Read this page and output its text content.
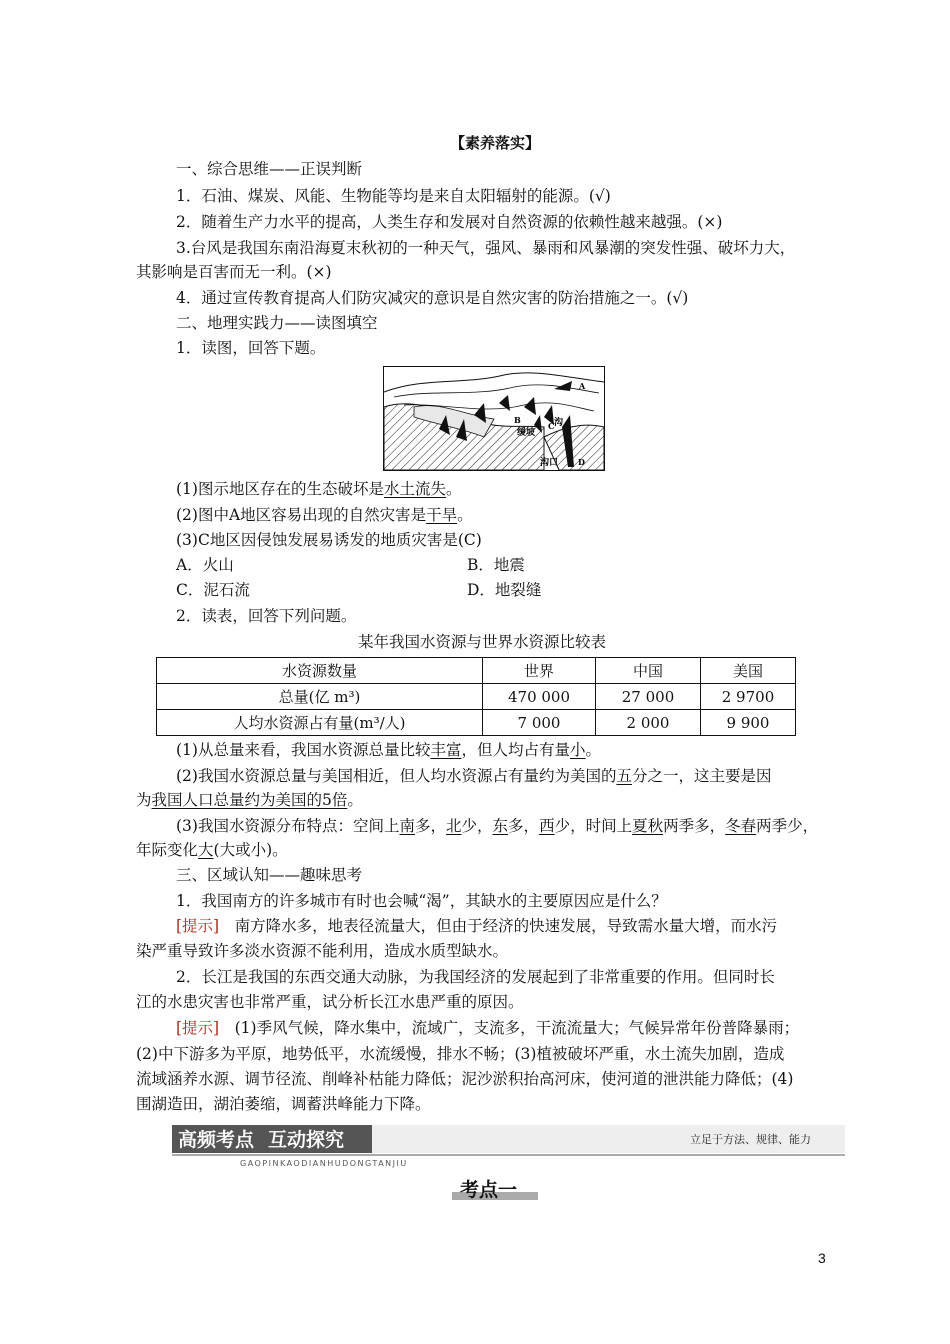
【素养落实】
一、综合思维——正误判断
1．石油、煤炭、风能、生物能等均是来自太阳辐射的能源。(√)
2．随着生产力水平的提高，人类生存和发展对自然资源的依赖性越来越强。(×)
3.台风是我国东南沿海夏末秋初的一种天气，强风、暴雨和风暴潮的突发性强、破坏力大，
其影响是百害而无一利。(×)
4．通过宣传教育提高人们防灾减灾的意识是自然灾害的防治措施之一。(√)
二、地理实践力——读图填空
1．读图，回答下题。
A
B
C
缓坡
沟
沟口 D
(1)图示地区存在的生态破坏是水土流失。
(2)图中A地区容易出现的自然灾害是干旱。
(3)C地区因侵蚀发展易诱发的地质灾害是(C)
A．火山	B．地震
C．泥石流	D．地裂缝
2．读表，回答下列问题。
某年我国水资源与世界水资源比较表
水资源数量	世界	中国	美国
总量(亿 m³)	470 000	27 000	2 9700
人均水资源占有量(m³/人)	7 000	2 000	9 900
(1)从总量来看，我国水资源总量比较丰富，但人均占有量小。
(2)我国水资源总量与美国相近，但人均水资源占有量约为美国的五分之一，这主要是因
为我国人口总量约为美国的5倍。
(3)我国水资源分布特点：空间上南多，北少，东多，西少，时间上夏秋两季多，冬春两季少，
年际变化大(大或小)。
三、区域认知——趣味思考
1．我国南方的许多城市有时也会喊“渴”，其缺水的主要原因应是什么？
[提示]  南方降水多，地表径流量大，但由于经济的快速发展，导致需水量大增，而水污
染严重导致许多淡水资源不能利用，造成水质型缺水。
2．长江是我国的东西交通大动脉，为我国经济的发展起到了非常重要的作用。但同时长
江的水患灾害也非常严重，试分析长江水患严重的原因。
[提示]  (1)季风气候，降水集中，流域广，支流多，干流流量大；气候异常年份普降暴雨；
(2)中下游多为平原，地势低平，水流缓慢，排水不畅；(3)植被破坏严重，水土流失加剧，造成
流域涵养水源、调节径流、削峰补枯能力降低；泥沙淤积抬高河床，使河道的泄洪能力降低；(4)
围湖造田，湖泊萎缩，调蓄洪峰能力下降。
高频考点 互动探究
GAOPINKAODIANHUDONGTANJIU
立足于方法、规律、能力
考点一
3
